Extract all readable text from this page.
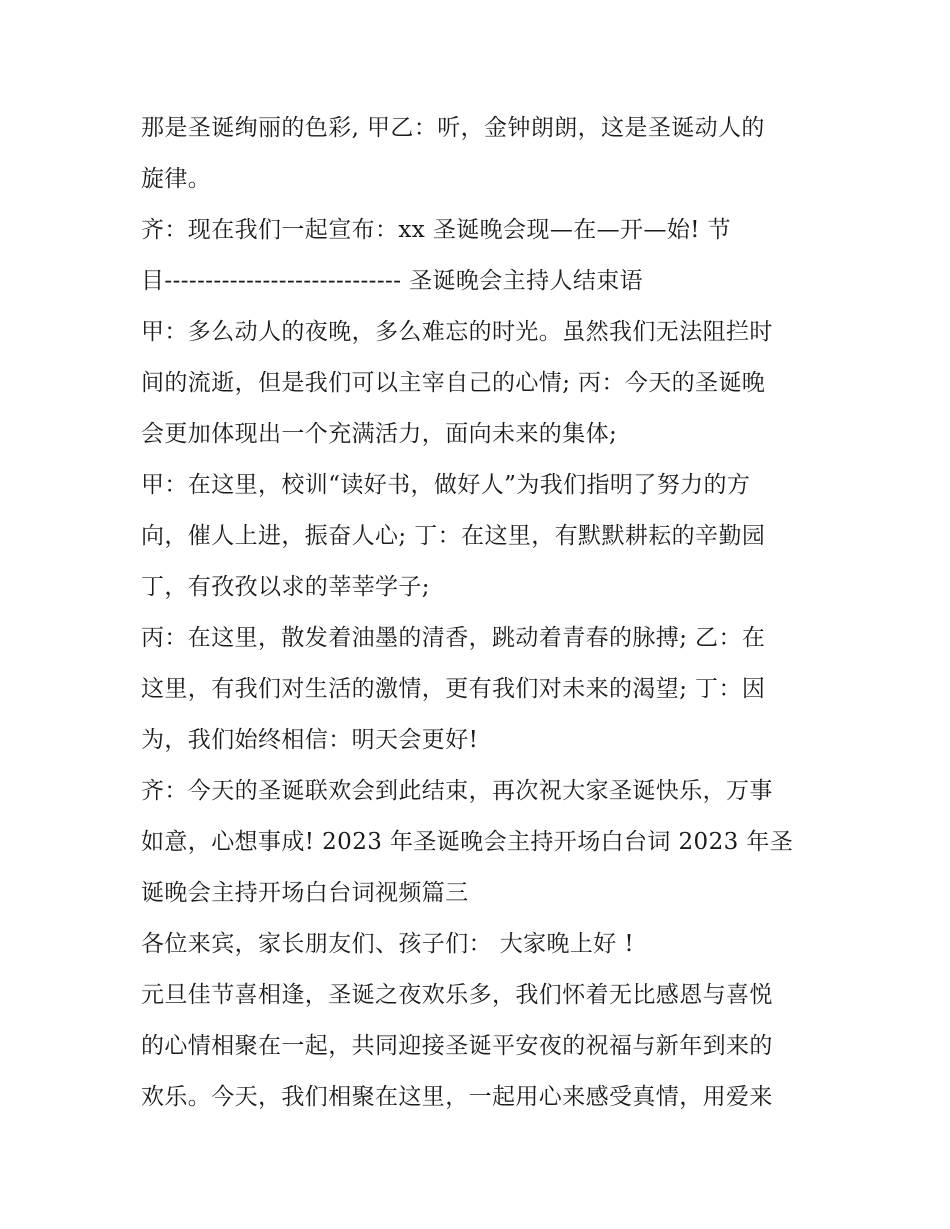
那是圣诞绚丽的色彩, 甲乙：听，金钟朗朗，这是圣诞动人的
旋律。
齐：现在我们一起宣布：xx 圣诞晚会现—在—开—始! 节
目----------------------------- 圣诞晚会主持人结束语
甲：多么动人的夜晚，多么难忘的时光。虽然我们无法阻拦时
间的流逝，但是我们可以主宰自己的心情; 丙：今天的圣诞晚
会更加体现出一个充满活力，面向未来的集体;
甲：在这里，校训“读好书，做好人”为我们指明了努力的方
向，催人上进，振奋人心; 丁：在这里，有默默耕耘的辛勤园
丁，有孜孜以求的莘莘学子;
丙：在这里，散发着油墨的清香，跳动着青春的脉搏; 乙：在
这里，有我们对生活的激情，更有我们对未来的渴望; 丁：因
为，我们始终相信：明天会更好!
齐：今天的圣诞联欢会到此结束，再次祝大家圣诞快乐，万事
如意，心想事成! 2023 年圣诞晚会主持开场白台词 2023 年圣
诞晚会主持开场白台词视频篇三
各位来宾，家长朋友们、孩子们： 大家晚上好 !
元旦佳节喜相逢，圣诞之夜欢乐多，我们怀着无比感恩与喜悦
的心情相聚在一起，共同迎接圣诞平安夜的祝福与新年到来的
欢乐。今天，我们相聚在这里，一起用心来感受真情，用爱来
